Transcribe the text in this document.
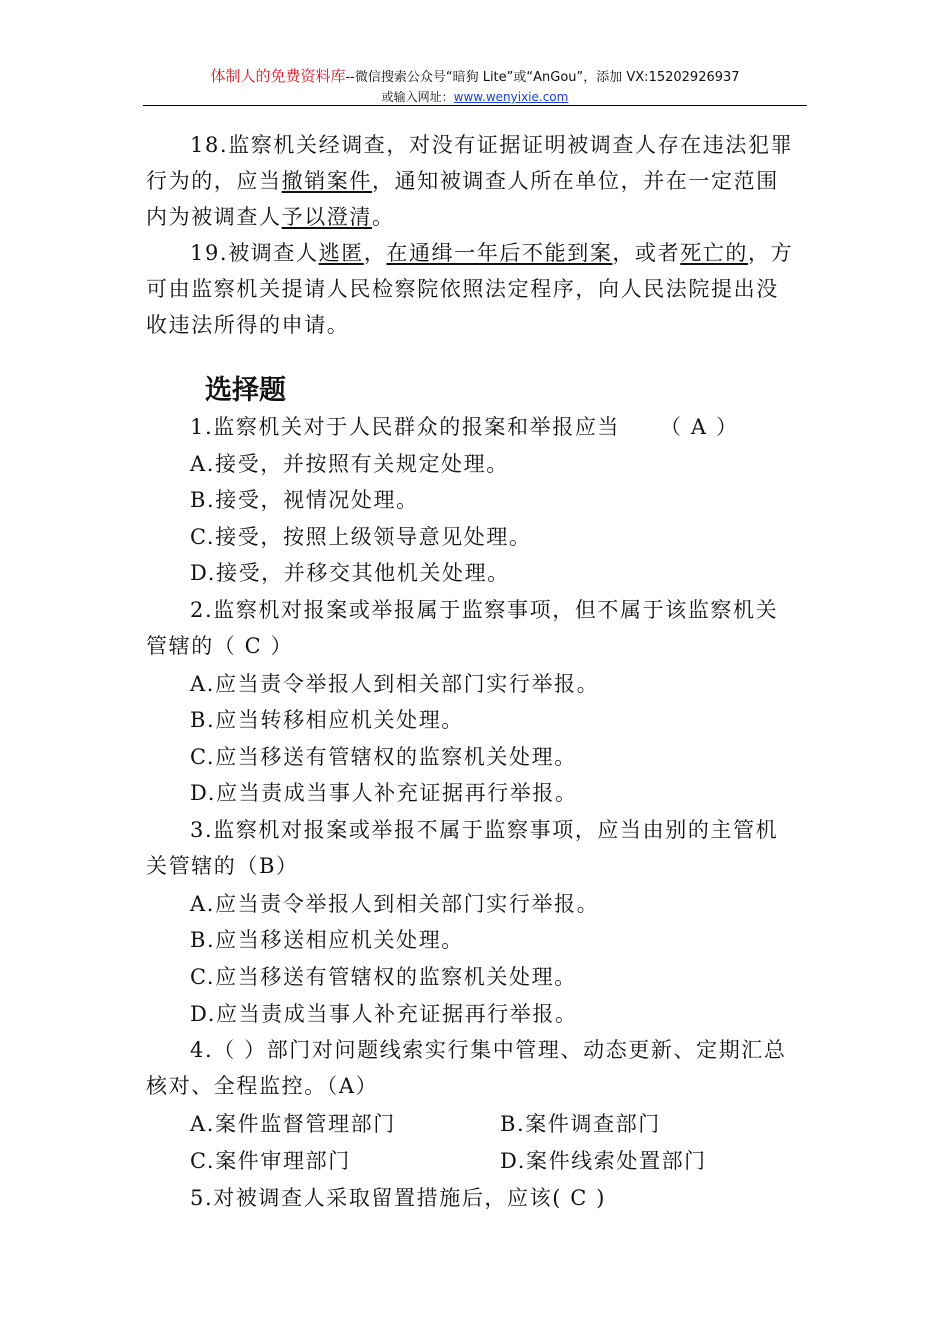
体制人的免费资料库--微信搜索公众号“暗狗 Lite”或“AnGou”，添加 VX:15202926937
或输入网址：www.wenyixie.com

18.监察机关经调查，对没有证据证明被调查人存在违法犯罪行为的，应当撤销案件，通知被调查人所在单位，并在一定范围内为被调查人予以澄清。

19.被调查人逃匿，在通缉一年后不能到案，或者死亡的，方可由监察机关提请人民检察院依照法定程序，向人民法院提出没收违法所得的申请。

选择题
1.监察机关对于人民群众的报案和举报应当 （ A ）
A.接受，并按照有关规定处理。
B.接受，视情况处理。
C.接受，按照上级领导意见处理。
D.接受，并移交其他机关处理。

2.监察机对报案或举报属于监察事项，但不属于该监察机关管辖的（ C ）

A.应当责令举报人到相关部门实行举报。
B.应当转移相应机关处理。
C.应当移送有管辖权的监察机关处理。
D.应当责成当事人补充证据再行举报。

3.监察机对报案或举报不属于监察事项，应当由别的主管机关管辖的（B）

A.应当责令举报人到相关部门实行举报。
B.应当移送相应机关处理。
C.应当移送有管辖权的监察机关处理。
D.应当责成当事人补充证据再行举报。

4.（ ）部门对问题线索实行集中管理、动态更新、定期汇总核对、全程监控。（A）

A.案件监督管理部门	B.案件调查部门
C.案件审理部门	D.案件线索处置部门
5.对被调查人采取留置措施后，应该( C )
